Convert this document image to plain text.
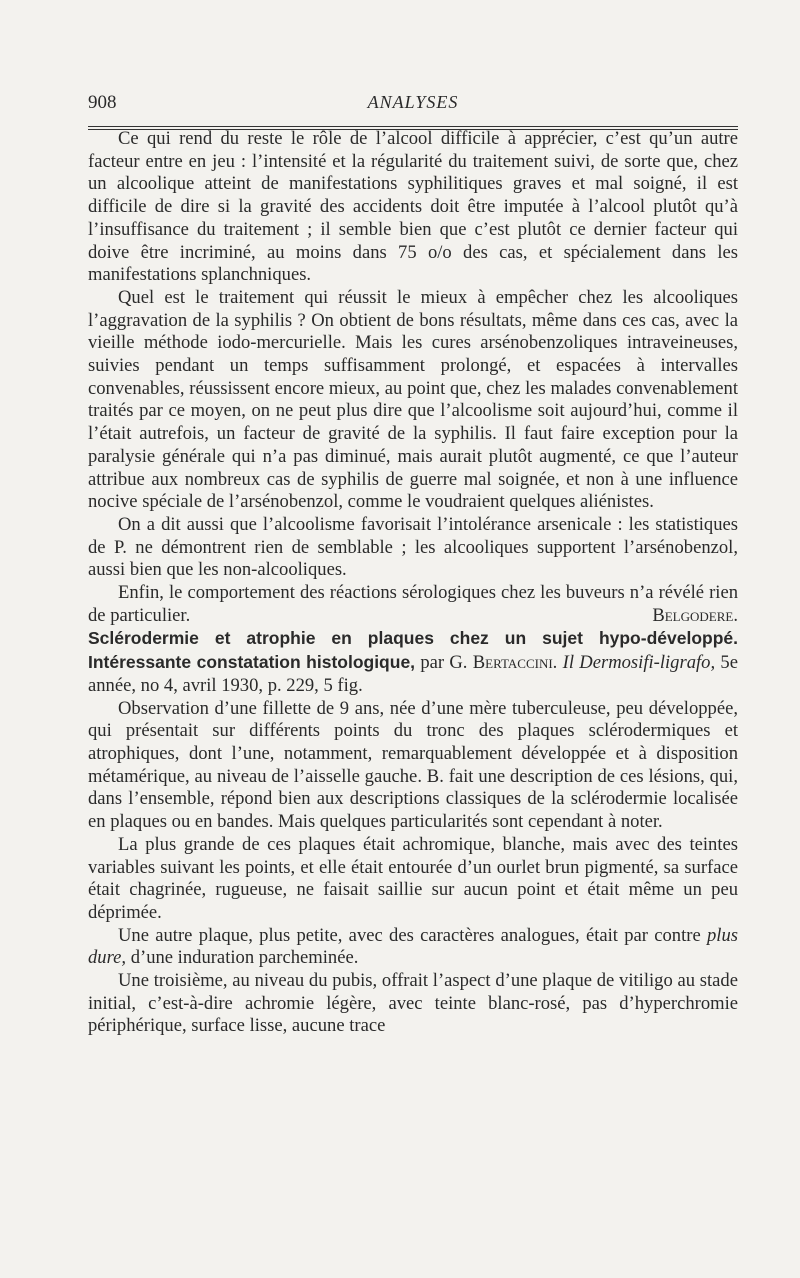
908	ANALYSES

Ce qui rend du reste le rôle de l’alcool difficile à apprécier, c’est qu’un autre facteur entre en jeu : l’intensité et la régularité du traitement suivi, de sorte que, chez un alcoolique atteint de manifestations syphilitiques graves et mal soigné, il est difficile de dire si la gravité des accidents doit être imputée à l’alcool plutôt qu’à l’insuffisance du traitement ; il semble bien que c’est plutôt ce dernier facteur qui doive être incriminé, au moins dans 75 o/o des cas, et spécialement dans les manifestations splanchniques.

Quel est le traitement qui réussit le mieux à empêcher chez les alcooliques l’aggravation de la syphilis ? On obtient de bons résultats, même dans ces cas, avec la vieille méthode iodo-mercurielle. Mais les cures arsénobenzoliques intraveineuses, suivies pendant un temps suffisamment prolongé, et espacées à intervalles convenables, réussissent encore mieux, au point que, chez les malades convenablement traités par ce moyen, on ne peut plus dire que l’alcoolisme soit aujourd’hui, comme il l’était autrefois, un facteur de gravité de la syphilis. Il faut faire exception pour la paralysie générale qui n’a pas diminué, mais aurait plutôt augmenté, ce que l’auteur attribue aux nombreux cas de syphilis de guerre mal soignée, et non à une influence nocive spéciale de l’arsénobenzol, comme le voudraient quelques aliénistes.

On a dit aussi que l’alcoolisme favorisait l’intolérance arsenicale : les statistiques de P. ne démontrent rien de semblable ; les alcooliques supportent l’arsénobenzol, aussi bien que les non-alcooliques.

Enfin, le comportement des réactions sérologiques chez les buveurs n’a révélé rien de particulier.	Belgodere.

Sclérodermie et atrophie en plaques chez un sujet hypo-développé. Intéressante constatation histologique, par G. Bertaccini. Il Dermosifi-ligrafo, 5e année, no 4, avril 1930, p. 229, 5 fig.

Observation d’une fillette de 9 ans, née d’une mère tuberculeuse, peu développée, qui présentait sur différents points du tronc des plaques sclérodermiques et atrophiques, dont l’une, notamment, remarquablement développée et à disposition métamérique, au niveau de l’aisselle gauche. B. fait une description de ces lésions, qui, dans l’ensemble, répond bien aux descriptions classiques de la sclérodermie localisée en plaques ou en bandes. Mais quelques particularités sont cependant à noter.

La plus grande de ces plaques était achromique, blanche, mais avec des teintes variables suivant les points, et elle était entourée d’un ourlet brun pigmenté, sa surface était chagrinée, rugueuse, ne faisait saillie sur aucun point et était même un peu déprimée.

Une autre plaque, plus petite, avec des caractères analogues, était par contre plus dure, d’une induration parcheminée.

Une troisième, au niveau du pubis, offrait l’aspect d’une plaque de vitiligo au stade initial, c’est-à-dire achromie légère, avec teinte blanc-rosé, pas d’hyperchromie périphérique, surface lisse, aucune trace
